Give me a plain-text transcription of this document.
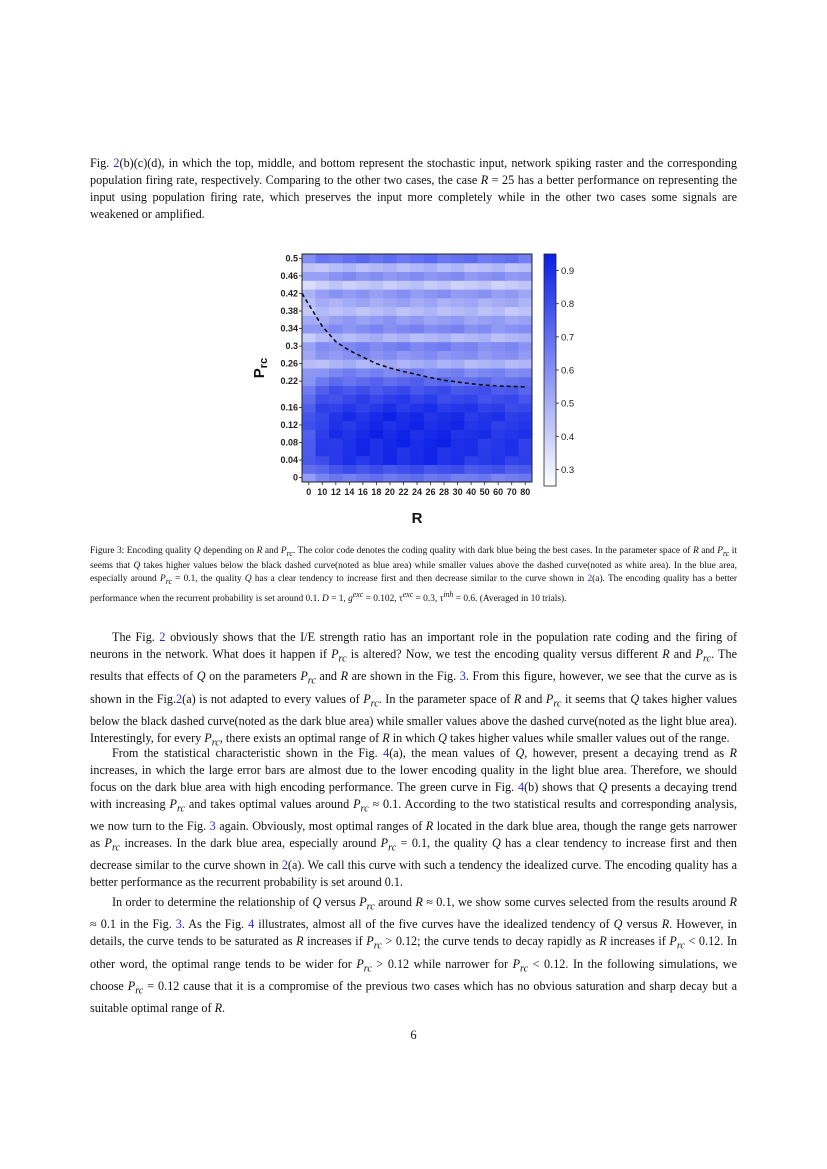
Fig. 2(b)(c)(d), in which the top, middle, and bottom represent the stochastic input, network spiking raster and the corresponding population firing rate, respectively. Comparing to the other two cases, the case R = 25 has a better performance on representing the input using population firing rate, which preserves the input more completely while in the other two cases some signals are weakened or amplified.

0
0.04
0.08
0.12
0.16
0.22
0.26
0.3
0.34
0.38
0.42
0.46
0.5
0 10 12 14 16 18 20 22 24 26 28 30 40 50 60 70 80
R
$P_{rc}$
0.3
0.4
0.5
0.6
0.7
0.8
0.9

Figure 3: Encoding quality Q depending on R and $P_{rc}$. The color code denotes the coding quality with dark blue being the best cases. In the parameter space of R and $P_{rc}$ it seems that Q takes higher values below the black dashed curve(noted as blue area) while smaller values above the dashed curve(noted as white area). In the blue area, especially around $P_{rc} = 0.1$, the quality Q has a clear tendency to increase first and then decrease similar to the curve shown in 2(a). The encoding quality has a better performance when the recurrent probability is set around 0.1. D = 1, $g^{exc} = 0.102$, $\tau^{exc} = 0.3$, $\tau^{inh} = 0.6$. (Averaged in 10 trials).

The Fig. 2 obviously shows that the I/E strength ratio has an important role in the population rate coding and the firing of neurons in the network. What does it happen if $P_{rc}$ is altered? Now, we test the encoding quality versus different R and $P_{rc}$. The results that effects of Q on the parameters $P_{rc}$ and R are shown in the Fig. 3. From this figure, however, we see that the curve as is shown in the Fig.2(a) is not adapted to every values of $P_{rc}$. In the parameter space of R and $P_{rc}$ it seems that Q takes higher values below the black dashed curve(noted as the dark blue area) while smaller values above the dashed curve(noted as the light blue area). Interestingly, for every $P_{rc}$, there exists an optimal range of R in which Q takes higher values while smaller values out of the range.

From the statistical characteristic shown in the Fig. 4(a), the mean values of Q, however, present a decaying trend as R increases, in which the large error bars are almost due to the lower encoding quality in the light blue area. Therefore, we should focus on the dark blue area with high encoding performance. The green curve in Fig. 4(b) shows that Q presents a decaying trend with increasing $P_{rc}$ and takes optimal values around $P_{rc} \approx 0.1$. According to the two statistical results and corresponding analysis, we now turn to the Fig. 3 again. Obviously, most optimal ranges of R located in the dark blue area, though the range gets narrower as $P_{rc}$ increases. In the dark blue area, especially around $P_{rc} = 0.1$, the quality Q has a clear tendency to increase first and then decrease similar to the curve shown in 2(a). We call this curve with such a tendency the idealized curve. The encoding quality has a better performance as the recurrent probability is set around 0.1.

In order to determine the relationship of Q versus $P_{rc}$ around R ≈ 0.1, we show some curves selected from the results around R ≈ 0.1 in the Fig. 3. As the Fig. 4 illustrates, almost all of the five curves have the idealized tendency of Q versus R. However, in details, the curve tends to be saturated as R increases if $P_{rc} > 0.12$; the curve tends to decay rapidly as R increases if $P_{rc} < 0.12$. In other word, the optimal range tends to be wider for $P_{rc} > 0.12$ while narrower for $P_{rc} < 0.12$. In the following simulations, we choose $P_{rc} = 0.12$ cause that it is a compromise of the previous two cases which has no obvious saturation and sharp decay but a suitable optimal range of R.

6
